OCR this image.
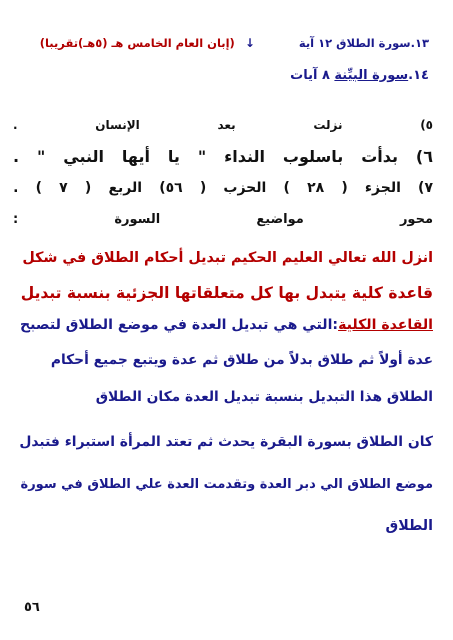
١٣.سورة الطلاق ١٢ آية↓(إبان العام الخامس هـ (٥هـ)تقريبا)
١٤.سورة البيِّنة ٨ آيات
٥)
نزلت
بعد
الإنسان
.
٦)
بدأت
باسلوب
النداء
"
يا
أيها
النبي
"
.
٧)
الجزء
(
٢٨
)
الحزب
(
٥٦)
الربع
(
٧
)
.
محور
مواضيع
السورة
:
انزل الله تعالي العليم الحكيم تبديل أحكام الطلاق في شكل
قاعدة كلية يتبدل بها كل متعلقاتها الجزئية بنسبة تبديل
القاعدة الكلية:التي هي تبديل العدة في موضع الطلاق لتصبح
عدة أولاً ثم طلاق بدلاً من طلاق ثم عدة ويتبع جميع أحكام
الطلاق هذا التبديل بنسبة تبديل العدة مكان الطلاق
كان الطلاق بسورة البقرة يحدث ثم تعتد المرأة استبراء فتبدل
موضع الطلاق الي دبر العدة وتقدمت العدة علي الطلاق في سورة
الطلاق
٥٦
